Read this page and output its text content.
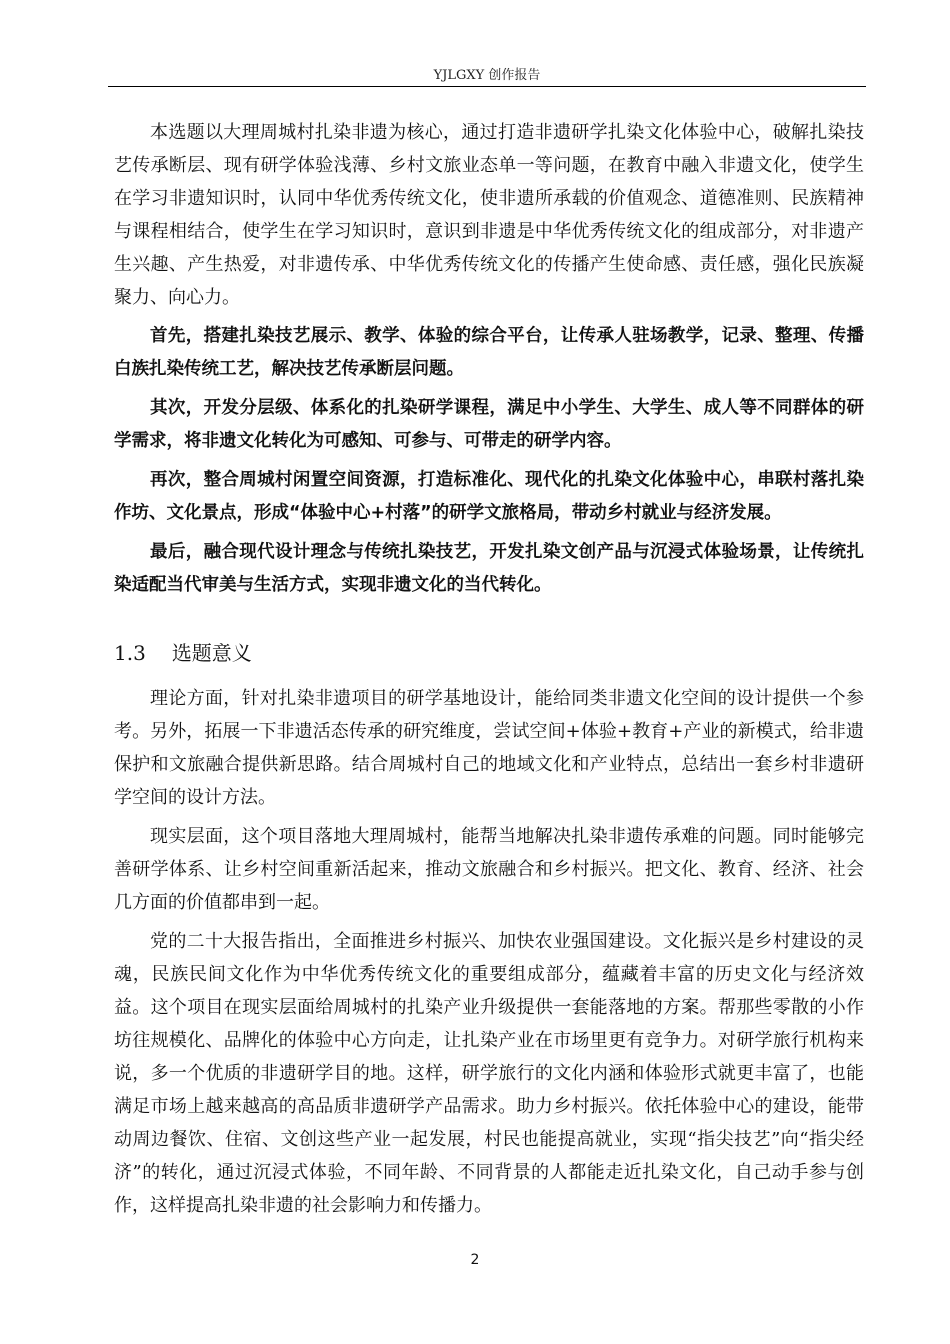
YJLGXY 创作报告

本选题以大理周城村扎染非遗为核心，通过打造非遗研学扎染文化体验中心，破解扎染技艺传承断层、现有研学体验浅薄、乡村文旅业态单一等问题，在教育中融入非遗文化，使学生在学习非遗知识时，认同中华优秀传统文化，使非遗所承载的价值观念、道德准则、民族精神与课程相结合，使学生在学习知识时，意识到非遗是中华优秀传统文化的组成部分，对非遗产生兴趣、产生热爱，对非遗传承、中华优秀传统文化的传播产生使命感、责任感，强化民族凝聚力、向心力。

首先，搭建扎染技艺展示、教学、体验的综合平台，让传承人驻场教学，记录、整理、传播白族扎染传统工艺，解决技艺传承断层问题。

其次，开发分层级、体系化的扎染研学课程，满足中小学生、大学生、成人等不同群体的研学需求，将非遗文化转化为可感知、可参与、可带走的研学内容。

再次，整合周城村闲置空间资源，打造标准化、现代化的扎染文化体验中心，串联村落扎染作坊、文化景点，形成“体验中心+村落”的研学文旅格局，带动乡村就业与经济发展。

最后，融合现代设计理念与传统扎染技艺，开发扎染文创产品与沉浸式体验场景，让传统扎染适配当代审美与生活方式，实现非遗文化的当代转化。

1.3 选题意义

理论方面，针对扎染非遗项目的研学基地设计，能给同类非遗文化空间的设计提供一个参考。另外，拓展一下非遗活态传承的研究维度，尝试空间+体验+教育+产业的新模式，给非遗保护和文旅融合提供新思路。结合周城村自己的地域文化和产业特点，总结出一套乡村非遗研学空间的设计方法。

现实层面，这个项目落地大理周城村，能帮当地解决扎染非遗传承难的问题。同时能够完善研学体系、让乡村空间重新活起来，推动文旅融合和乡村振兴。把文化、教育、经济、社会几方面的价值都串到一起。

党的二十大报告指出，全面推进乡村振兴、加快农业强国建设。文化振兴是乡村建设的灵魂，民族民间文化作为中华优秀传统文化的重要组成部分，蕴藏着丰富的历史文化与经济效益。这个项目在现实层面给周城村的扎染产业升级提供一套能落地的方案。帮那些零散的小作坊往规模化、品牌化的体验中心方向走，让扎染产业在市场里更有竞争力。对研学旅行机构来说，多一个优质的非遗研学目的地。这样，研学旅行的文化内涵和体验形式就更丰富了，也能满足市场上越来越高的高品质非遗研学产品需求。助力乡村振兴。依托体验中心的建设，能带动周边餐饮、住宿、文创这些产业一起发展，村民也能提高就业，实现“指尖技艺”向“指尖经济”的转化，通过沉浸式体验，不同年龄、不同背景的人都能走近扎染文化，自己动手参与创作，这样提高扎染非遗的社会影响力和传播力。

2
